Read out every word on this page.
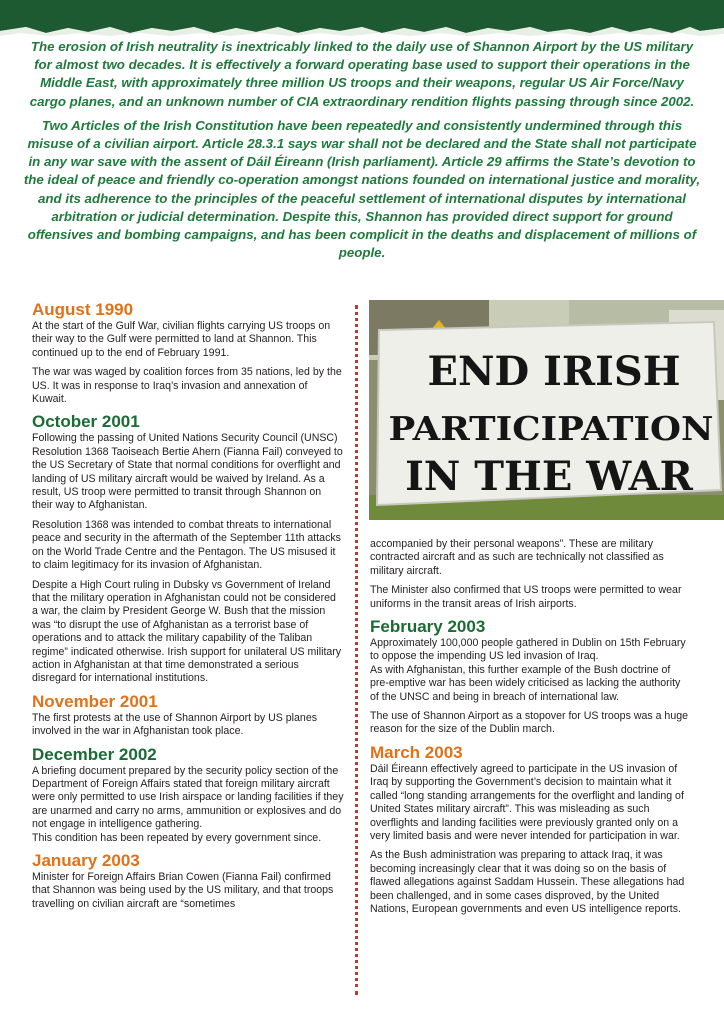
The erosion of Irish neutrality is inextricably linked to the daily use of Shannon Airport by the US military for almost two decades. It is effectively a forward operating base used to support their operations in the Middle East, with approximately three million US troops and their weapons, regular US Air Force/Navy cargo planes, and an unknown number of CIA extraordinary rendition flights passing through since 2002.

Two Articles of the Irish Constitution have been repeatedly and consistently undermined through this misuse of a civilian airport. Article 28.3.1 says war shall not be declared and the State shall not participate in any war save with the assent of Dáil Éireann (Irish parliament). Article 29 affirms the State’s devotion to the ideal of peace and friendly co-operation amongst nations founded on international justice and morality, and its adherence to the principles of the peaceful settlement of international disputes by international arbitration or judicial determination. Despite this, Shannon has provided direct support for ground offensives and bombing campaigns, and has been complicit in the deaths and displacement of millions of people.

END IRISH
PARTICIPATION
IN THE WAR
August 1990

At the start of the Gulf War, civilian flights carrying US troops on their way to the Gulf were permitted to land at Shannon. This continued up to the end of February 1991.

The war was waged by coalition forces from 35 nations, led by the US. It was in response to Iraq’s invasion and annexation of Kuwait.

October 2001

Following the passing of United Nations Security Council (UNSC) Resolution 1368 Taoiseach Bertie Ahern (Fianna Fail) conveyed to the US Secretary of State that normal conditions for overflight and landing of US military aircraft would be waived by Ireland. As a result, US troop were permitted to transit through Shannon on their way to Afghanistan.

Resolution 1368 was intended to combat threats to international peace and security in the aftermath of the September 11th attacks on the World Trade Centre and the Pentagon. The US misused it to claim legitimacy for its invasion of Afghanistan.

Despite a High Court ruling in Dubsky vs Government of Ireland that the military operation in Afghanistan could not be considered a war, the claim by President George W. Bush that the mission was “to disrupt the use of Afghanistan as a terrorist base of operations and to attack the military capability of the Taliban regime” indicated otherwise. Irish support for unilateral US military action in Afghanistan at that time demonstrated a serious disregard for international institutions.

November 2001

The first protests at the use of Shannon Airport by US planes involved in the war in Afghanistan took place.

December 2002

A briefing document prepared by the security policy section of the Department of Foreign Affairs stated that foreign military aircraft were only permitted to use Irish airspace or landing facilities if they are unarmed and carry no arms, ammunition or explosives and do not engage in intelligence gathering.

This condition has been repeated by every government since.

January 2003

Minister for Foreign Affairs Brian Cowen (Fianna Fail) confirmed that Shannon was being used by the US military, and that troops travelling on civilian aircraft are “sometimes

accompanied by their personal weapons”. These are military contracted aircraft and as such are technically not classified as military aircraft.

The Minister also confirmed that US troops were permitted to wear uniforms in the transit areas of Irish airports.

February 2003

Approximately 100,000 people gathered in Dublin on 15th February to oppose the impending US led invasion of Iraq.

As with Afghanistan, this further example of the Bush doctrine of pre-emptive war has been widely criticised as lacking the authority of the UNSC and being in breach of international law.

The use of Shannon Airport as a stopover for US troops was a huge reason for the size of the Dublin march.

March 2003

Dáil Éireann effectively agreed to participate in the US invasion of Iraq by supporting the Government’s decision to maintain what it called “long standing arrangements for the overflight and landing of United States military aircraft”. This was misleading as such overflights and landing facilities were previously granted only on a very limited basis and were never intended for participation in war.

As the Bush administration was preparing to attack Iraq, it was becoming increasingly clear that it was doing so on the basis of flawed allegations against Saddam Hussein. These allegations had been challenged, and in some cases disproved, by the United Nations, European governments and even US intelligence reports.
